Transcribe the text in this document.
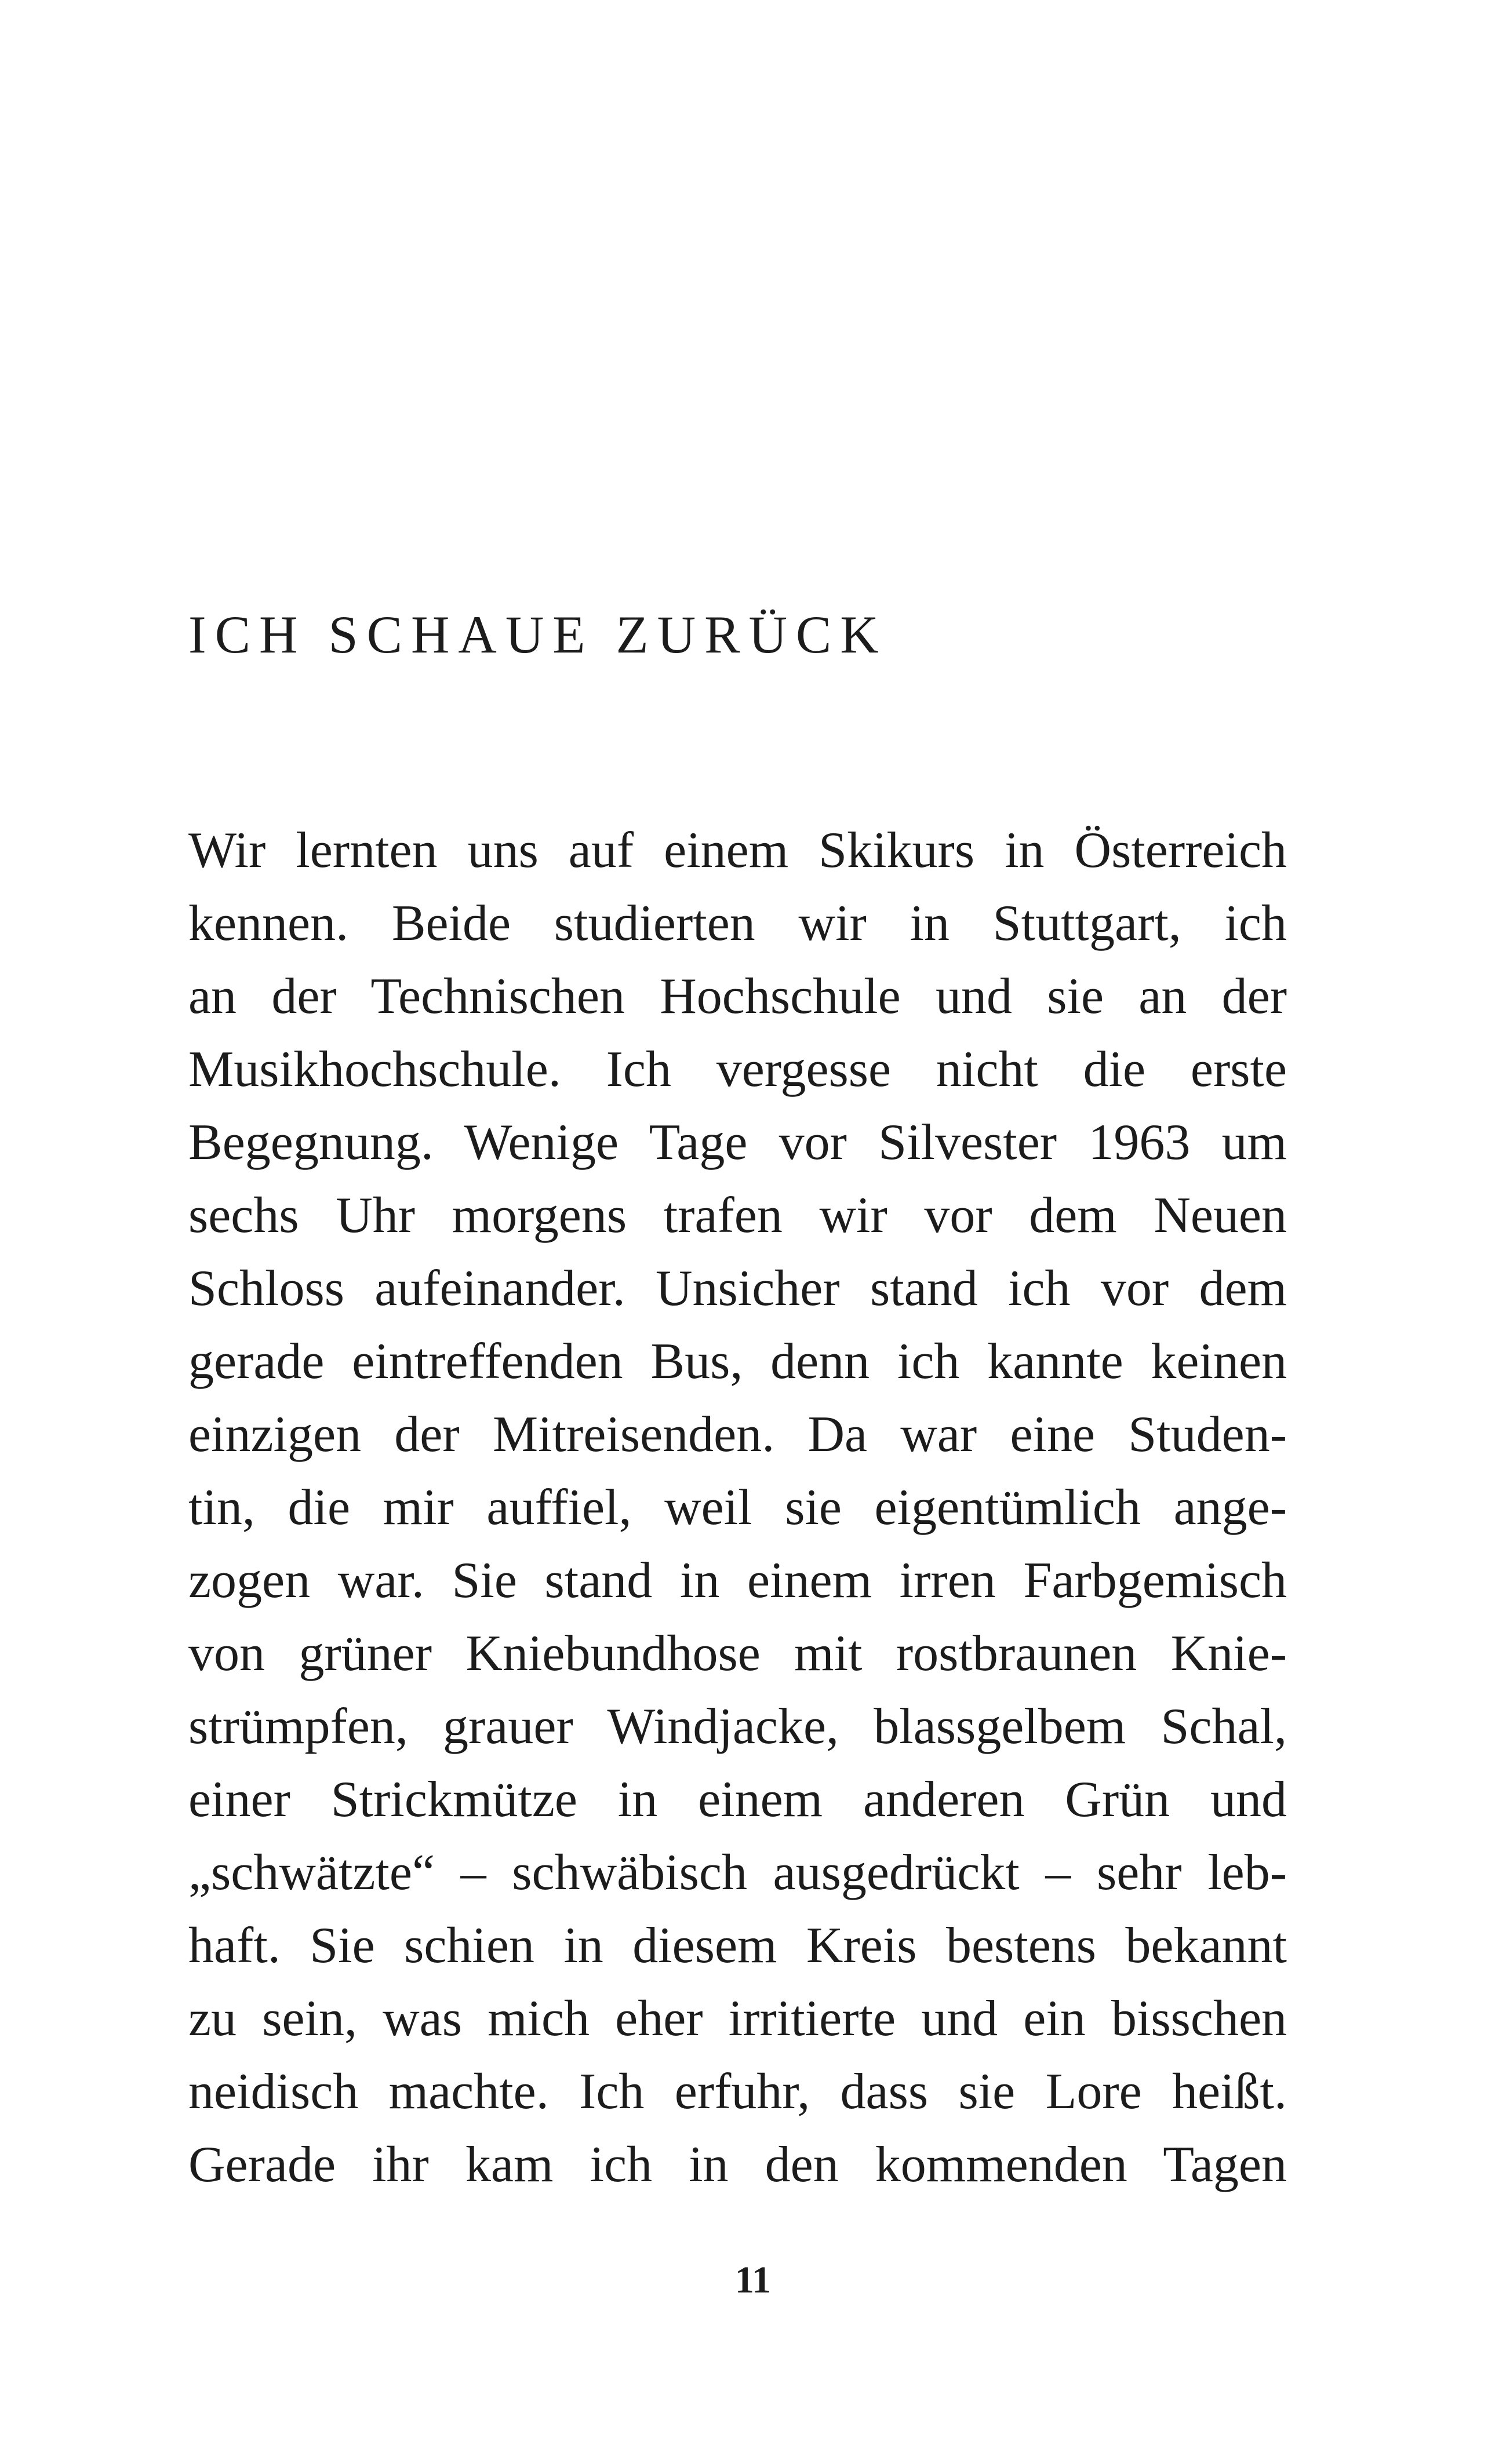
ICH SCHAUE ZURÜCK
Wir lernten uns auf einem Skikurs in Österreich
kennen. Beide studierten wir in Stuttgart, ich
an der Technischen Hochschule und sie an der
Musikhochschule. Ich vergesse nicht die erste
Begegnung. Wenige Tage vor Silvester 1963 um
sechs Uhr morgens trafen wir vor dem Neuen
Schloss aufeinander. Unsicher stand ich vor dem
gerade eintreffenden Bus, denn ich kannte keinen
einzigen der Mitreisenden. Da war eine Studen-
tin, die mir auffiel, weil sie eigentümlich ange-
zogen war. Sie stand in einem irren Farbgemisch
von grüner Kniebundhose mit rostbraunen Knie-
strümpfen, grauer Windjacke, blassgelbem Schal,
einer Strickmütze in einem anderen Grün und
„schwätzte“ – schwäbisch ausgedrückt – sehr leb-
haft. Sie schien in diesem Kreis bestens bekannt
zu sein, was mich eher irritierte und ein bisschen
neidisch machte. Ich erfuhr, dass sie Lore heißt.
Gerade ihr kam ich in den kommenden Tagen
11
